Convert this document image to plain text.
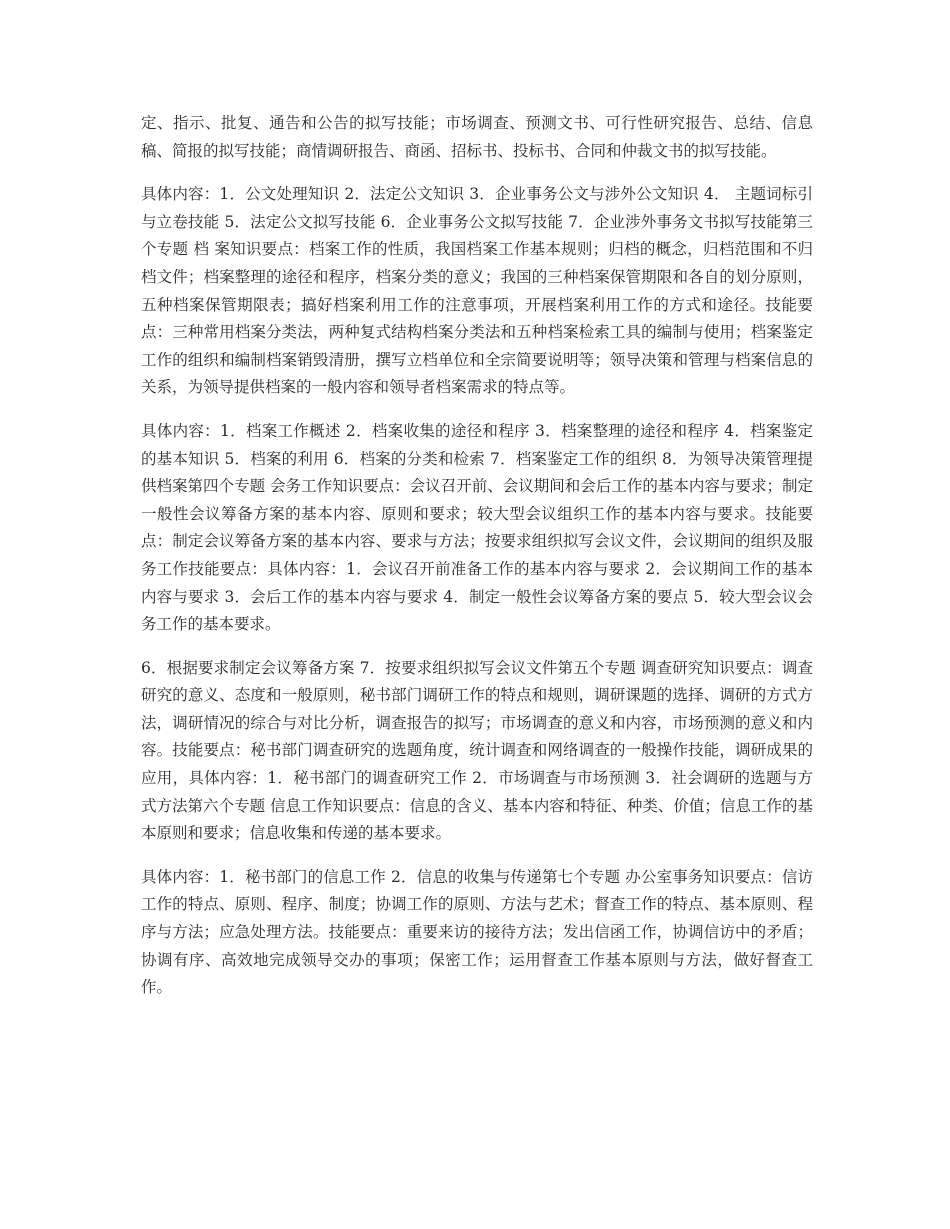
定、指示、批复、通告和公告的拟写技能；市场调查、预测文书、可行性研究报告、总结、信息稿、简报的拟写技能；商情调研报告、商函、招标书、投标书、合同和仲裁文书的拟写技能。

具体内容：1．公文处理知识 2．法定公文知识 3．企业事务公文与涉外公文知识 4． 主题词标引与立卷技能 5．法定公文拟写技能 6．企业事务公文拟写技能 7．企业涉外事务文书拟写技能第三个专题 档 案知识要点：档案工作的性质，我国档案工作基本规则；归档的概念，归档范围和不归档文件；档案整理的途径和程序，档案分类的意义；我国的三种档案保管期限和各自的划分原则，五种档案保管期限表；搞好档案利用工作的注意事项，开展档案利用工作的方式和途径。技能要点：三种常用档案分类法，两种复式结构档案分类法和五种档案检索工具的编制与使用；档案鉴定工作的组织和编制档案销毁清册，撰写立档单位和全宗简要说明等；领导决策和管理与档案信息的关系，为领导提供档案的一般内容和领导者档案需求的特点等。

具体内容：1．档案工作概述 2．档案收集的途径和程序 3．档案整理的途径和程序 4．档案鉴定的基本知识 5．档案的利用 6．档案的分类和检索 7．档案鉴定工作的组织 8．为领导决策管理提供档案第四个专题 会务工作知识要点：会议召开前、会议期间和会后工作的基本内容与要求；制定一般性会议筹备方案的基本内容、原则和要求；较大型会议组织工作的基本内容与要求。技能要点：制定会议筹备方案的基本内容、要求与方法；按要求组织拟写会议文件，会议期间的组织及服务工作技能要点：具体内容：1．会议召开前准备工作的基本内容与要求 2．会议期间工作的基本内容与要求 3．会后工作的基本内容与要求 4．制定一般性会议筹备方案的要点 5．较大型会议会务工作的基本要求。

6．根据要求制定会议筹备方案 7．按要求组织拟写会议文件第五个专题 调查研究知识要点：调查研究的意义、态度和一般原则，秘书部门调研工作的特点和规则，调研课题的选择、调研的方式方法，调研情况的综合与对比分析，调查报告的拟写；市场调查的意义和内容，市场预测的意义和内容。技能要点：秘书部门调查研究的选题角度，统计调查和网络调查的一般操作技能，调研成果的应用，具体内容：1．秘书部门的调查研究工作 2．市场调查与市场预测 3．社会调研的选题与方式方法第六个专题 信息工作知识要点：信息的含义、基本内容和特征、种类、价值；信息工作的基本原则和要求；信息收集和传递的基本要求。

具体内容：1．秘书部门的信息工作 2．信息的收集与传递第七个专题 办公室事务知识要点：信访工作的特点、原则、程序、制度；协调工作的原则、方法与艺术；督查工作的特点、基本原则、程序与方法；应急处理方法。技能要点：重要来访的接待方法；发出信函工作，协调信访中的矛盾；协调有序、高效地完成领导交办的事项；保密工作；运用督查工作基本原则与方法，做好督查工作。
